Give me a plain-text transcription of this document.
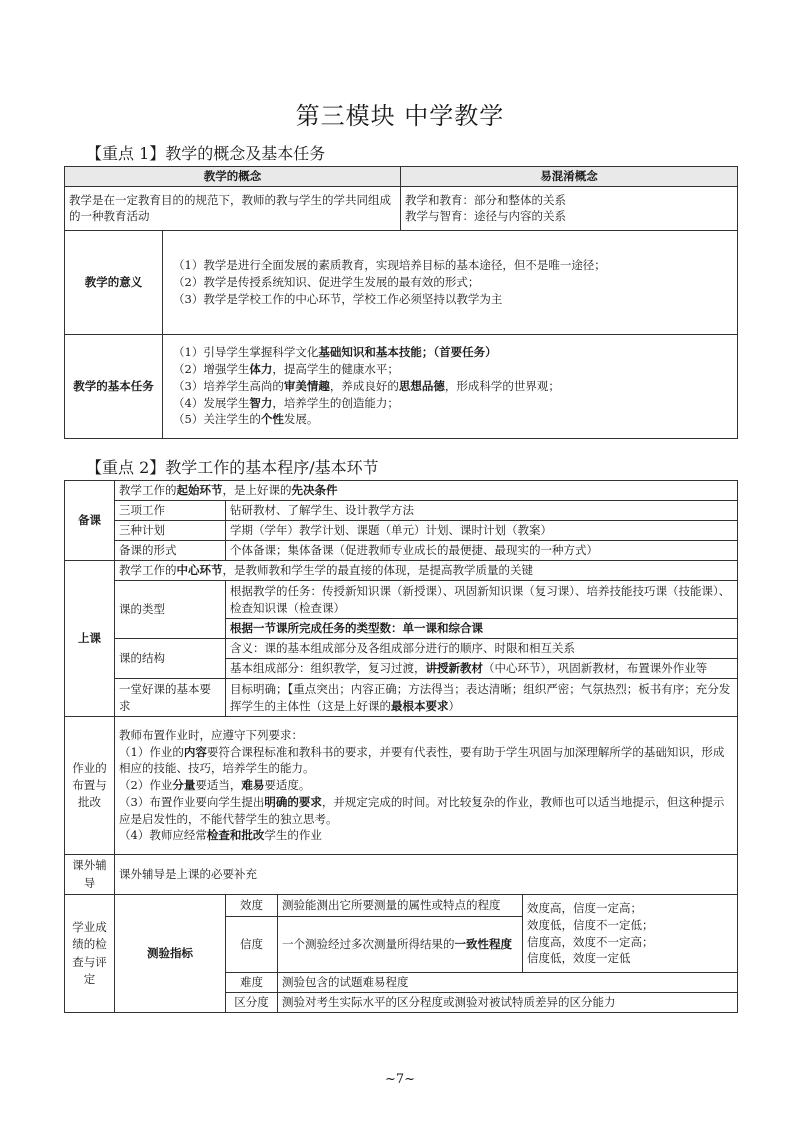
第三模块 中学教学
【重点 1】教学的概念及基本任务
教学的概念		易混淆概念
教学是在一定教育目的的规范下，教师的教与学生的学共同组成的一种教育活动		教学和教育：部分和整体的关系

教学与智育：途径与内容的关系

教学的意义	（1）教学是进行全面发展的素质教育，实现培养目标的基本途径，但不是唯一途径；

（2）教学是传授系统知识、促进学生发展的最有效的形式；

（3）教学是学校工作的中心环节，学校工作必须坚持以教学为主	

教学的基本任务	（1）引导学生掌握科学文化基础知识和基本技能；（首要任务）

（2）增强学生体力，提高学生的健康水平；

（3）培养学生高尚的审美情趣，养成良好的思想品德，形成科学的世界观；

（4）发展学生智力，培养学生的创造能力；

（5）关注学生的个性发展。	

【重点 2】教学工作的基本程序/基本环节
备课	教学工作的起始环节，是上好课的先决条件			
	三项工作	钻研教材、了解学生、设计教学方法		
	三种计划	学期（学年）教学计划、课题（单元）计划、课时计划（教案）		
	备课的形式	个体备课；集体备课（促进教师专业成长的最便捷、最现实的一种方式）		
上课	教学工作的中心环节，是教师教和学生学的最直接的体现，是提高教学质量的关键			
	课的类型	根据教学的任务：传授新知识课（新授课）、巩固新知识课（复习课）、培养技能技巧课（技能课）、检查知识课（检查课）		
		根据一节课所完成任务的类型数：单一课和综合课		
	课的结构	含义：课的基本组成部分及各组成部分进行的顺序、时限和相互关系		
		基本组成部分：组织教学，复习过渡，讲授新教材（中心环节），巩固新教材，布置课外作业等		
	一堂好课的基本要求	目标明确；【重点突出；内容正确；方法得当；表达清晰；组织严密；气氛热烈；板书有序；充分发挥学生的主体性（这是上好课的最根本要求）		
作业的布置与批改	教师布置作业时，应遵守下列要求：

（1）作业的内容要符合课程标准和教科书的要求，并要有代表性，要有助于学生巩固与加深理解所学的基础知识，形成相应的技能、技巧，培养学生的能力。

（2）作业分量要适当，难易要适度。

（3）布置作业要向学生提出明确的要求，并规定完成的时间。对比较复杂的作业，教师也可以适当地提示，但这种提示应是启发性的，不能代替学生的独立思考。

（4）教师应经常检查和批改学生的作业			

课外辅导	课外辅导是上课的必要补充			
学业成绩的检查与评定	测验指标	效度	测验能测出它所要测量的属性或特点的程度	效度高，信度一定高；

效度低，信度不一定低；

信度高，效度不一定高；

信度低，效度一定低

		信度	一个测验经过多次测量所得结果的一致性程度	
		难度	测验包含的试题难易程度	
		区分度	测验对考生实际水平的区分程度或测验对被试特质差异的区分能力	
~7~
